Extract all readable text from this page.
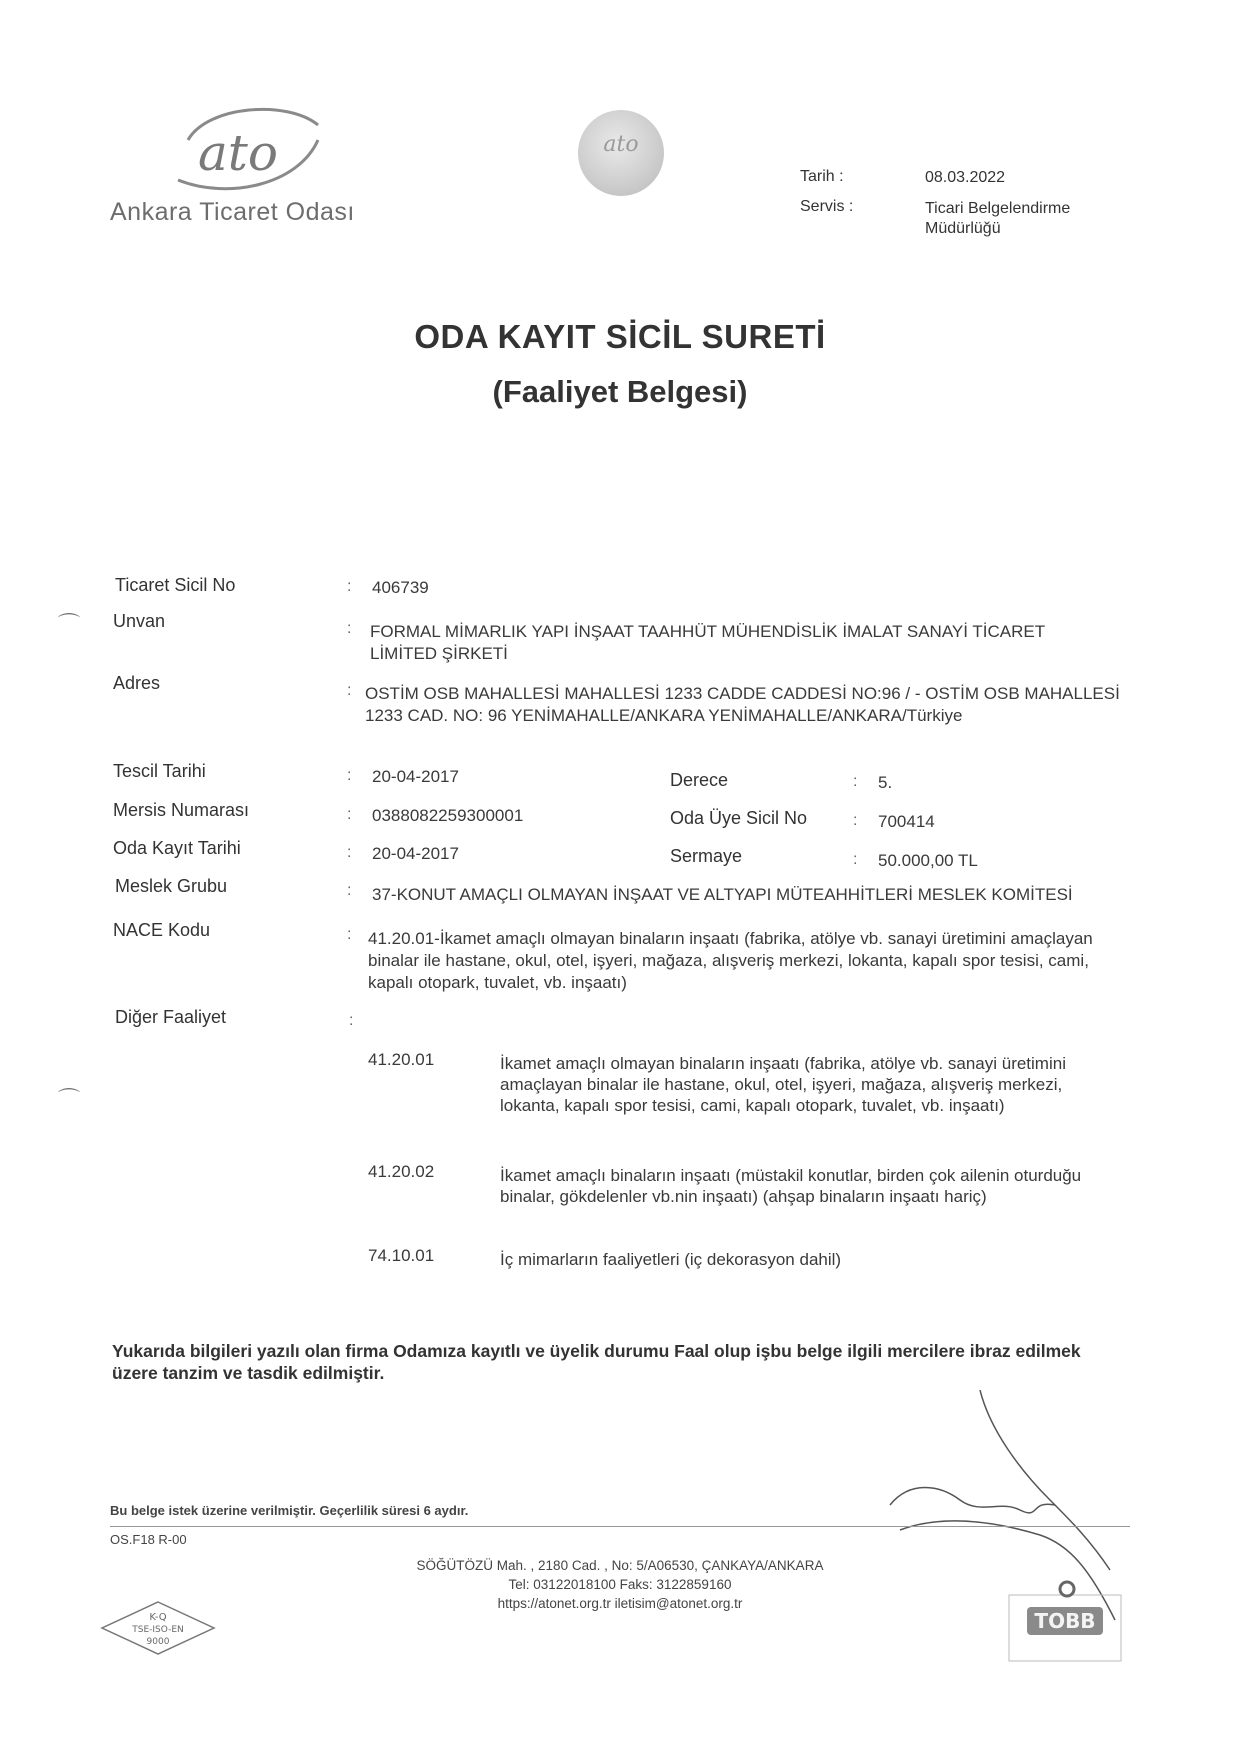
ato
Ankara Ticaret Odası
ato
Tarih :	08.03.2022
Servis :	Ticari Belgelendirme Müdürlüğü
ODA KAYIT SİCİL SURETİ
(Faaliyet Belgesi)
⌒
⌒
Ticaret Sicil No	: 406739
Unvan	: FORMAL MİMARLIK YAPI İNŞAAT TAAHHÜT MÜHENDİSLİK İMALAT SANAYİ TİCARET LİMİTED ŞİRKETİ
Adres	: OSTİM OSB MAHALLESİ MAHALLESİ 1233 CADDE CADDESİ NO:96 / - OSTİM OSB MAHALLESİ 1233 CAD. NO: 96 YENİMAHALLE/ANKARA YENİMAHALLE/ANKARA/Türkiye
Tescil Tarihi	: 20-04-2017	Derece	: 5.
Mersis Numarası	: 0388082259300001	Oda Üye Sicil No	: 700414
Oda Kayıt Tarihi	: 20-04-2017	Sermaye	: 50.000,00 TL
Meslek Grubu	: 37-KONUT AMAÇLI OLMAYAN İNŞAAT VE ALTYAPI MÜTEAHHİTLERİ MESLEK KOMİTESİ
NACE Kodu	: 41.20.01-İkamet amaçlı olmayan binaların inşaatı (fabrika, atölye vb. sanayi üretimini amaçlayan binalar ile hastane, okul, otel, işyeri, mağaza, alışveriş merkezi, lokanta, kapalı spor tesisi, cami, kapalı otopark, tuvalet, vb. inşaatı)
Diğer Faaliyet	:
41.20.01	İkamet amaçlı olmayan binaların inşaatı (fabrika, atölye vb. sanayi üretimini amaçlayan binalar ile hastane, okul, otel, işyeri, mağaza, alışveriş merkezi, lokanta, kapalı spor tesisi, cami, kapalı otopark, tuvalet, vb. inşaatı)
41.20.02	İkamet amaçlı binaların inşaatı (müstakil konutlar, birden çok ailenin oturduğu binalar, gökdelenler vb.nin inşaatı) (ahşap binaların inşaatı hariç)
74.10.01	İç mimarların faaliyetleri (iç dekorasyon dahil)
Yukarıda bilgileri yazılı olan firma Odamıza kayıtlı ve üyelik durumu Faal olup işbu belge ilgili mercilere ibraz edilmek üzere tanzim ve tasdik edilmiştir.
Bu belge istek üzerine verilmiştir. Geçerlilik süresi 6 aydır.
OS.F18 R-00
SÖĞÜTÖZÜ Mah. , 2180 Cad. , No: 5/A06530, ÇANKAYA/ANKARA
Tel: 03122018100 Faks: 3122859160
https://atonet.org.tr iletisim@atonet.org.tr
K-Q
TSE-ISO-EN
9000
TOBB
